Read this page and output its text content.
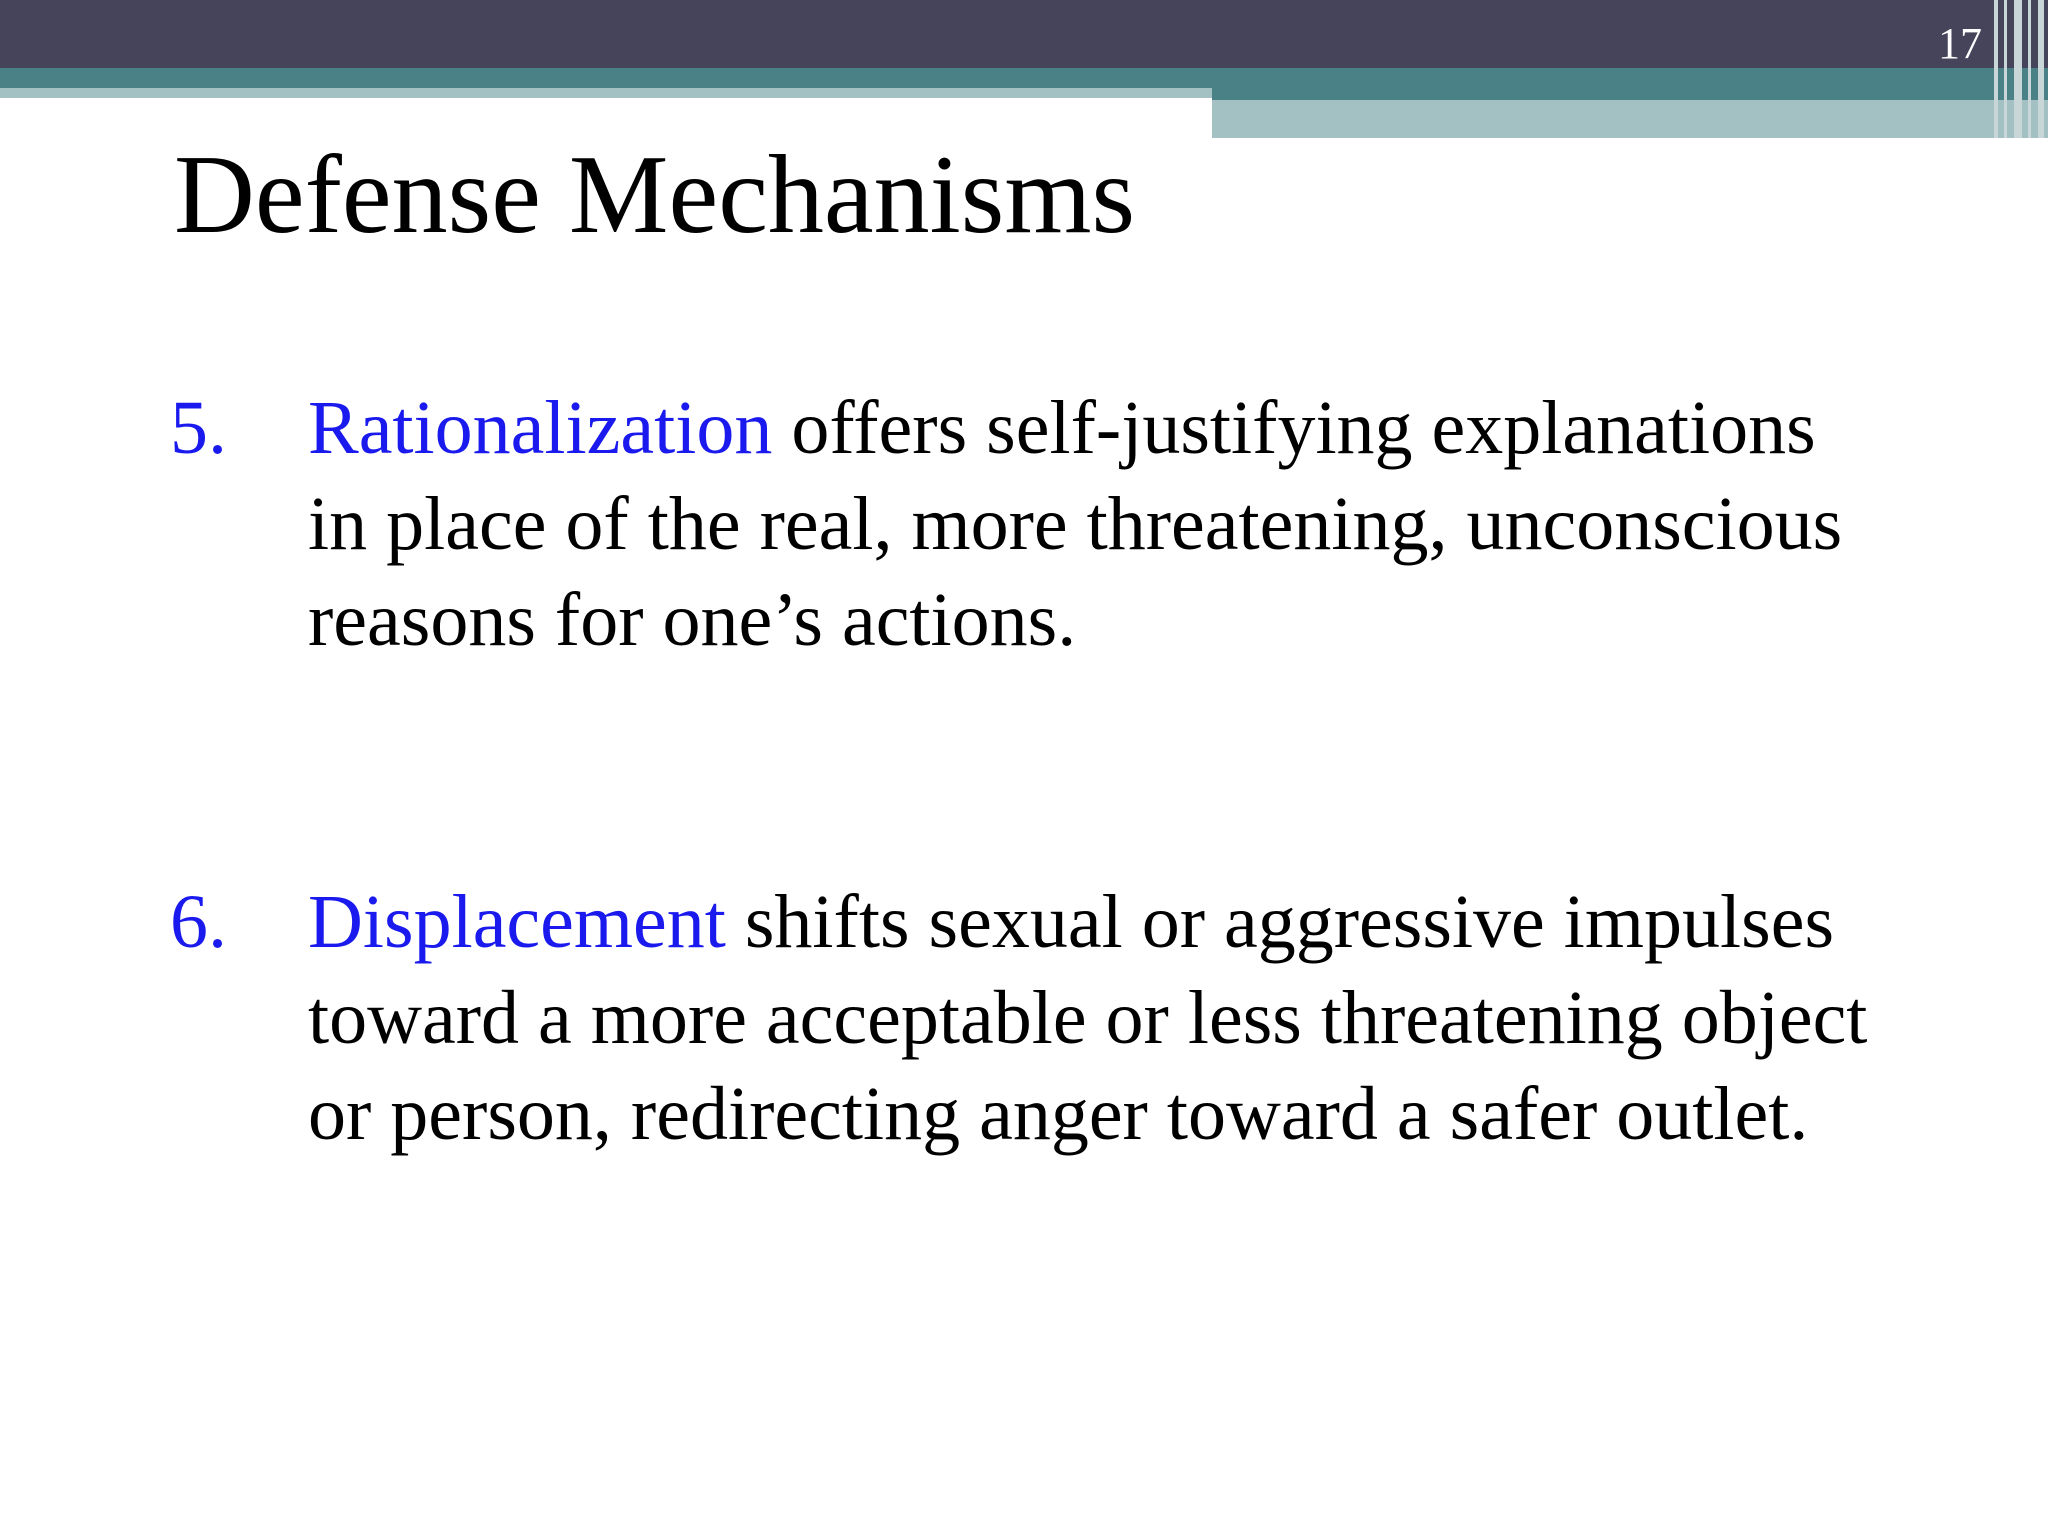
17
Defense Mechanisms
5. Rationalization offers self-justifying explanations in place of the real, more threatening, unconscious reasons for one’s actions.
6. Displacement shifts sexual or aggressive impulses toward a more acceptable or less threatening object or person, redirecting anger toward a safer outlet.
